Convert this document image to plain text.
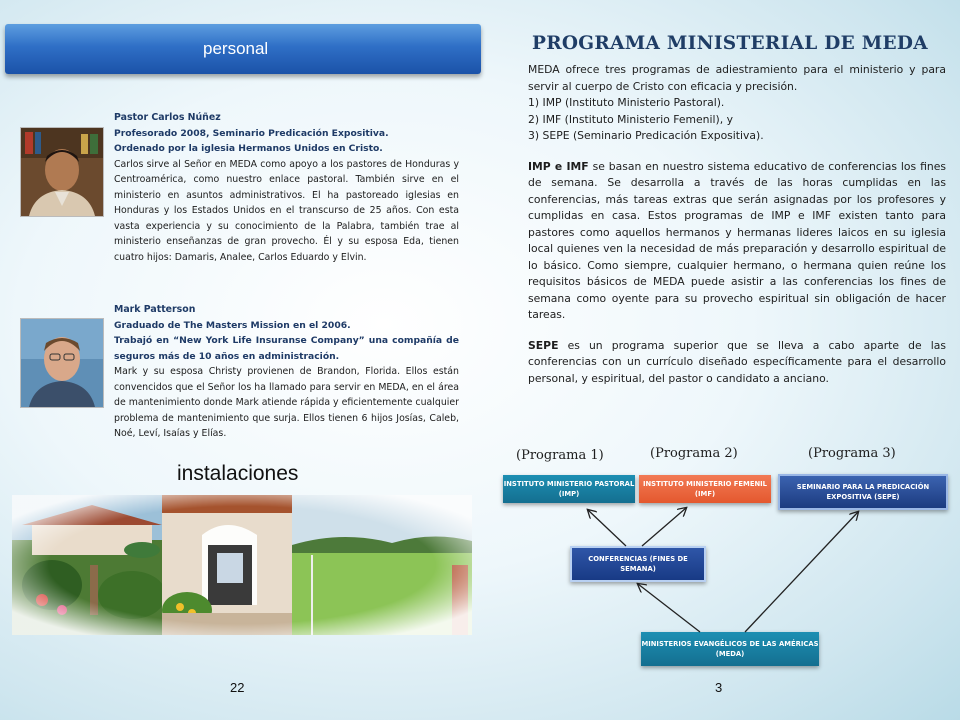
personal

Pastor Carlos Núñez

Profesorado 2008, Seminario Predicación Expositiva.

Ordenado por la iglesia Hermanos Unidos en Cristo.

Carlos sirve al Señor en MEDA como apoyo a los pastores de Honduras y Centroamérica, como nuestro enlace pastoral. También sirve en el ministerio en asuntos administrativos. El ha pastoreado iglesias en Honduras y los Estados Unidos en el transcurso de 25 años. Con esta vasta experiencia y su conocimiento de la Palabra, también trae al ministerio enseñanzas de gran provecho. Él y su esposa Eda, tienen cuatro hijos: Damaris, Analee, Carlos Eduardo y Elvin.

Mark Patterson

Graduado de The Masters Mission en el 2006.

Trabajó en “New York Life Insuranse Company” una compañía de seguros más de 10 años en administración.

Mark y su esposa Christy provienen de Brandon, Florida. Ellos están convencidos que el Señor los ha llamado para servir en MEDA, en el área de mantenimiento donde Mark atiende rápida y eficientemente cualquier problema de mantenimiento que surja. Ellos tienen 6 hijos Josías, Caleb, Noé, Leví, Isaías y Elías.

instalaciones
22
PROGRAMA MINISTERIAL DE MEDA

MEDA ofrece tres programas de adiestramiento para el ministerio y para servir al cuerpo de Cristo con eficacia y precisión.

1) IMP (Instituto Ministerio Pastoral).

2) IMF (Instituto Ministerio Femenil), y

3) SEPE (Seminario Predicación Expositiva).

IMP e IMF se basan en nuestro sistema educativo de conferencias los fines de semana. Se desarrolla a través de las horas cumplidas en las conferencias, más tareas extras que serán asignadas por los profesores y cumplidas en casa. Estos programas de IMP e IMF existen tanto para pastores como aquellos hermanos y hermanas lideres laicos en su iglesia local quienes ven la necesidad de más preparación y desarrollo espiritual de lo básico. Como siempre, cualquier hermano, o hermana quien reúne los requisitos básicos de MEDA puede asistir a las conferencias los fines de semana como oyente para su provecho espiritual sin obligación de hacer tareas.

SEPE es un programa superior que se lleva a cabo aparte de las conferencias con un currículo diseñado específicamente para el desarrollo personal, y espiritual, del pastor o candidato a anciano.

(Programa 1)	(Programa 2)	(Programa 3)
INSTITUTO MINISTERIO PASTORAL (IMP)
INSTITUTO MINISTERIO FEMENIL (IMF)
SEMINARIO PARA LA PREDICACIÓN EXPOSITIVA (SEPE)
CONFERENCIAS (FINES DE SEMANA)
MINISTERIOS EVANGÉLICOS DE LAS AMÉRICAS (MEDA)
3
